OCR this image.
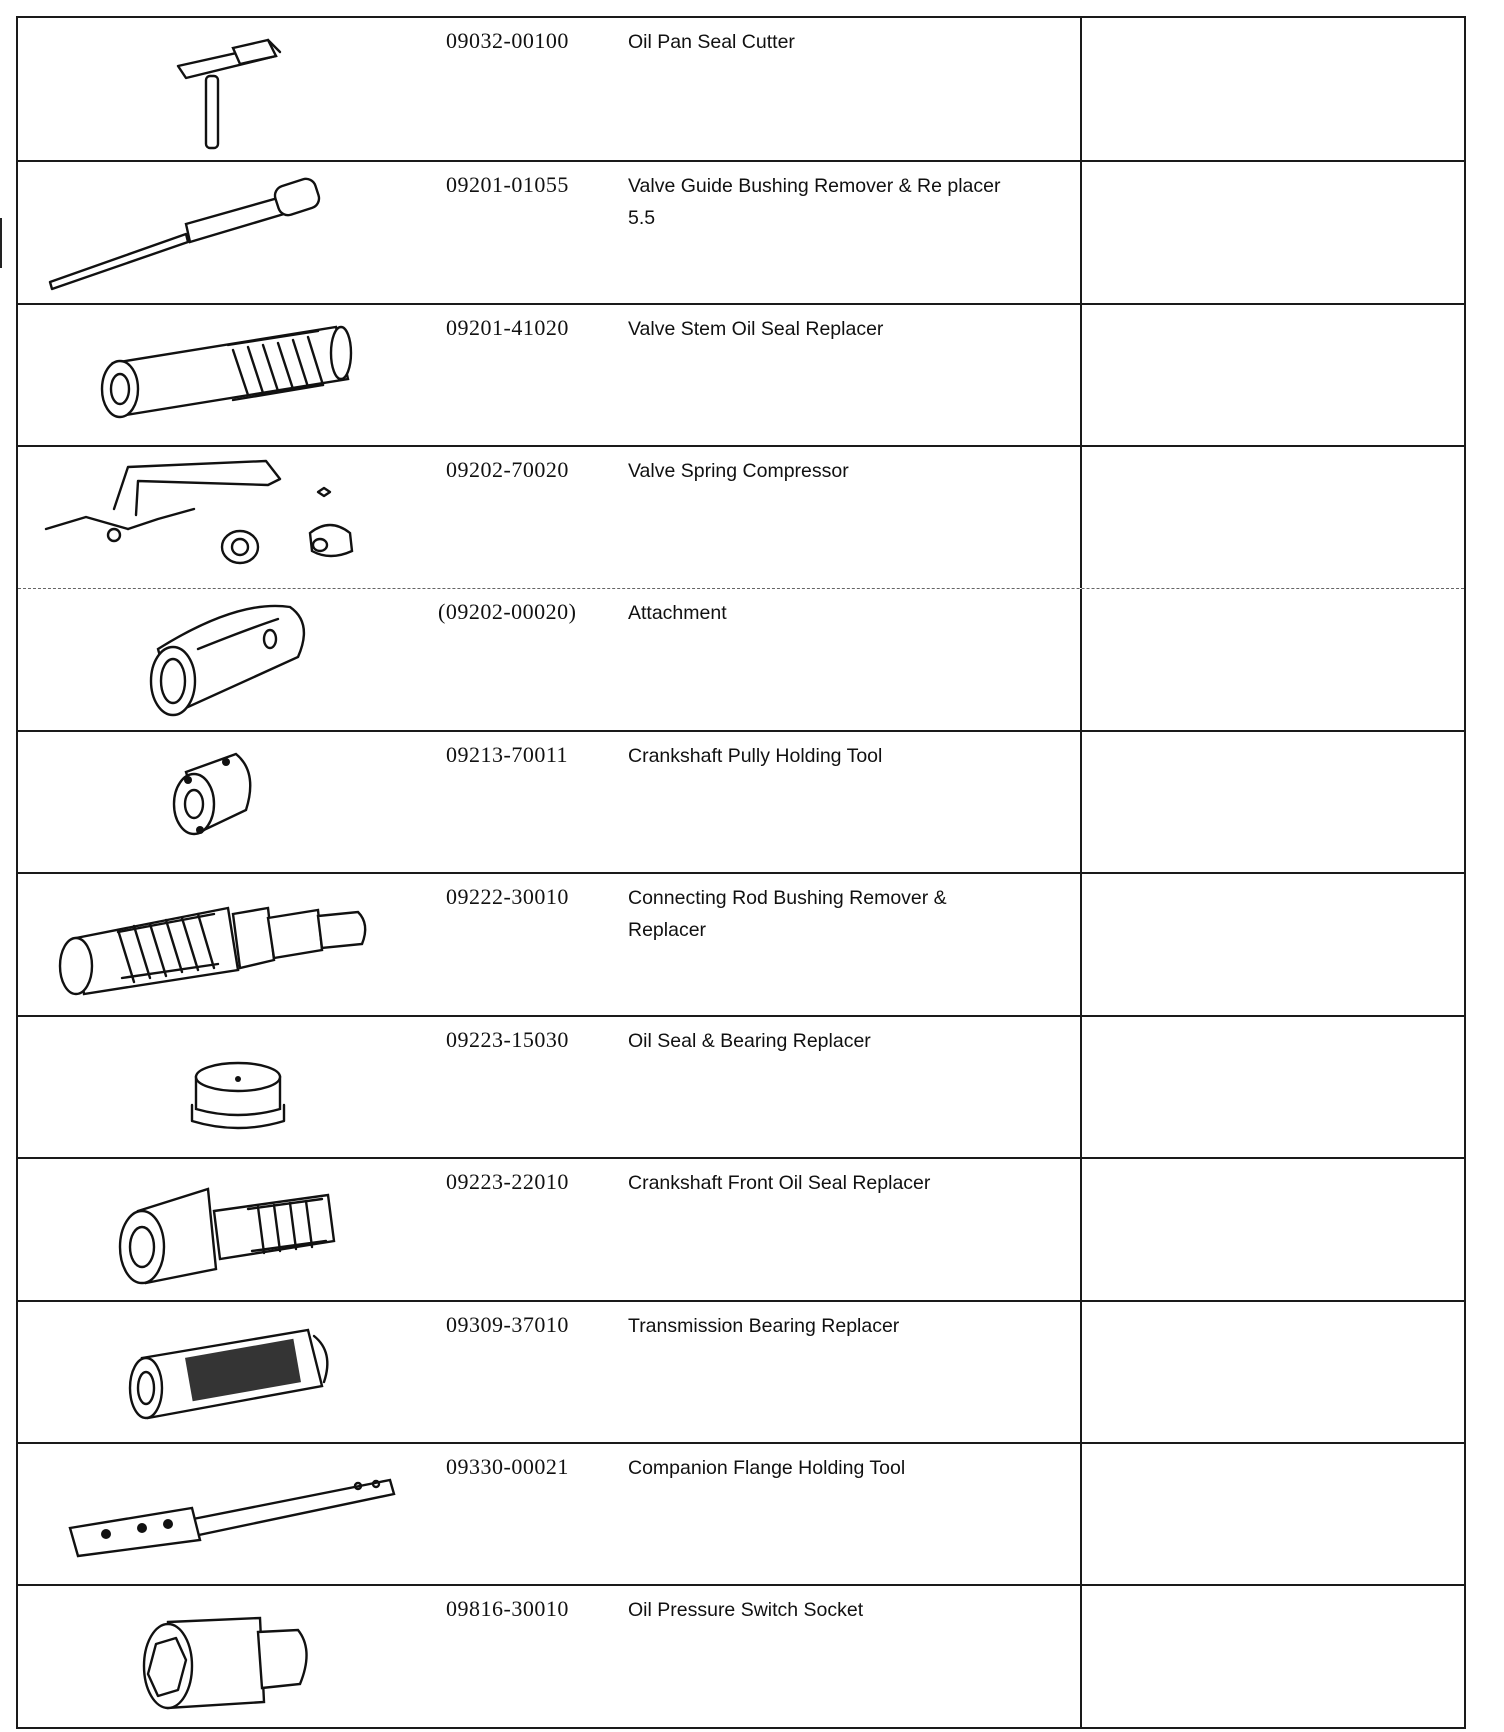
09032-00100	Oil Pan Seal Cutter
09201-01055	Valve Guide Bushing Remover & Re placer 5.5
09201-41020	Valve Stem Oil Seal Replacer
09202-70020	Valve Spring Compressor
(09202-00020)	Attachment
09213-70011	Crankshaft Pully Holding Tool
09222-30010	Connecting Rod Bushing Remover & Replacer
09223-15030	Oil Seal & Bearing Replacer
09223-22010	Crankshaft Front Oil Seal Replacer
09309-37010	Transmission Bearing Replacer
09330-00021	Companion Flange Holding Tool
09816-30010	Oil Pressure Switch Socket
